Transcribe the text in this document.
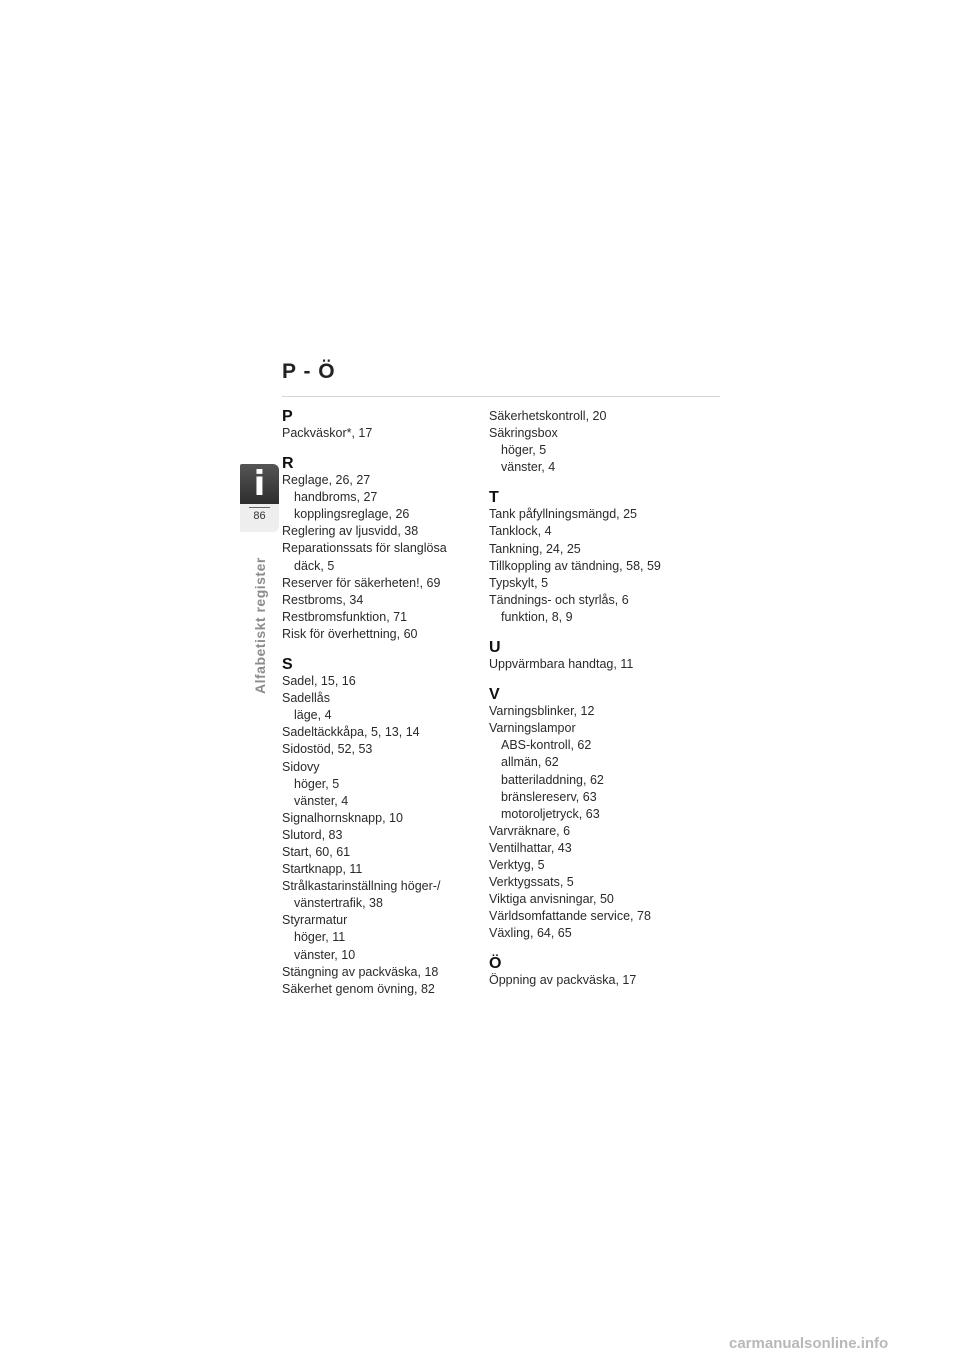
P - Ö
i
86
Alfabetiskt register
P
Packväskor*, 17
R
Reglage, 26, 27
handbroms, 27
kopplingsreglage, 26
Reglering av ljusvidd, 38
Reparationssats för slanglösa
däck, 5
Reserver för säkerheten!, 69
Restbroms, 34
Restbromsfunktion, 71
Risk för överhettning, 60
S
Sadel, 15, 16
Sadellås
läge, 4
Sadeltäckkåpa, 5, 13, 14
Sidostöd, 52, 53
Sidovy
höger, 5
vänster, 4
Signalhornsknapp, 10
Slutord, 83
Start, 60, 61
Startknapp, 11
Strålkastarinställning höger-/
vänstertrafik, 38
Styrarmatur
höger, 11
vänster, 10
Stängning av packväska, 18
Säkerhet genom övning, 82
Säkerhetskontroll, 20
Säkringsbox
höger, 5
vänster, 4
T
Tank påfyllningsmängd, 25
Tanklock, 4
Tankning, 24, 25
Tillkoppling av tändning, 58, 59
Typskylt, 5
Tändnings- och styrlås, 6
funktion, 8, 9
U
Uppvärmbara handtag, 11
V
Varningsblinker, 12
Varningslampor
ABS-kontroll, 62
allmän, 62
batteriladdning, 62
bränslereserv, 63
motoroljetryck, 63
Varvräknare, 6
Ventilhattar, 43
Verktyg, 5
Verktygssats, 5
Viktiga anvisningar, 50
Världsomfattande service, 78
Växling, 64, 65
Ö
Öppning av packväska, 17
carmanualsonline.info
